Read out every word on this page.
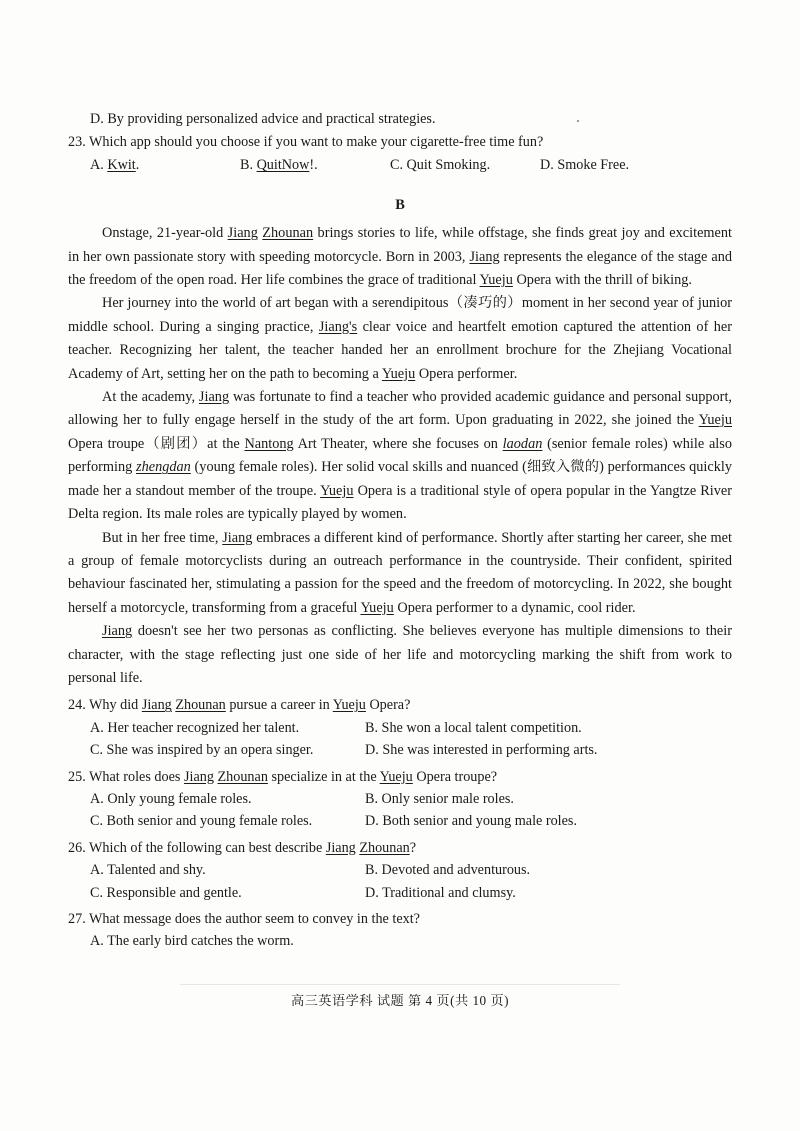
D. By providing personalized advice and practical strategies.
23. Which app should you choose if you want to make your cigarette-free time fun?
A. Kwit.	B. QuitNow!.	C. Quit Smoking.	D. Smoke Free.
B

Onstage, 21-year-old Jiang Zhounan brings stories to life, while offstage, she finds great joy and excitement in her own passionate story with speeding motorcycle. Born in 2003, Jiang represents the elegance of the stage and the freedom of the open road. Her life combines the grace of traditional Yueju Opera with the thrill of biking.

Her journey into the world of art began with a serendipitous（凑巧的）moment in her second year of junior middle school. During a singing practice, Jiang's clear voice and heartfelt emotion captured the attention of her teacher. Recognizing her talent, the teacher handed her an enrollment brochure for the Zhejiang Vocational Academy of Art, setting her on the path to becoming a Yueju Opera performer.

At the academy, Jiang was fortunate to find a teacher who provided academic guidance and personal support, allowing her to fully engage herself in the study of the art form. Upon graduating in 2022, she joined the Yueju Opera troupe（剧团）at the Nantong Art Theater, where she focuses on laodan (senior female roles) while also performing zhengdan (young female roles). Her solid vocal skills and nuanced (细致入微的) performances quickly made her a standout member of the troupe. Yueju Opera is a traditional style of opera popular in the Yangtze River Delta region. Its male roles are typically played by women.

But in her free time, Jiang embraces a different kind of performance. Shortly after starting her career, she met a group of female motorcyclists during an outreach performance in the countryside. Their confident, spirited behaviour fascinated her, stimulating a passion for the speed and the freedom of motorcycling. In 2022, she bought herself a motorcycle, transforming from a graceful Yueju Opera performer to a dynamic, cool rider.

Jiang doesn't see her two personas as conflicting. She believes everyone has multiple dimensions to their character, with the stage reflecting just one side of her life and motorcycling marking the shift from work to personal life.

24. Why did Jiang Zhounan pursue a career in Yueju Opera?
A. Her teacher recognized her talent.	B. She won a local talent competition.
C. She was inspired by an opera singer.	D. She was interested in performing arts.
25. What roles does Jiang Zhounan specialize in at the Yueju Opera troupe?
A. Only young female roles.	B. Only senior male roles.
C. Both senior and young female roles.	D. Both senior and young male roles.
26. Which of the following can best describe Jiang Zhounan?
A. Talented and shy.	B. Devoted and adventurous.
C. Responsible and gentle.	D. Traditional and clumsy.
27. What message does the author seem to convey in the text?
A. The early bird catches the worm.
高三英语学科 试题 第 4 页(共 10 页)
